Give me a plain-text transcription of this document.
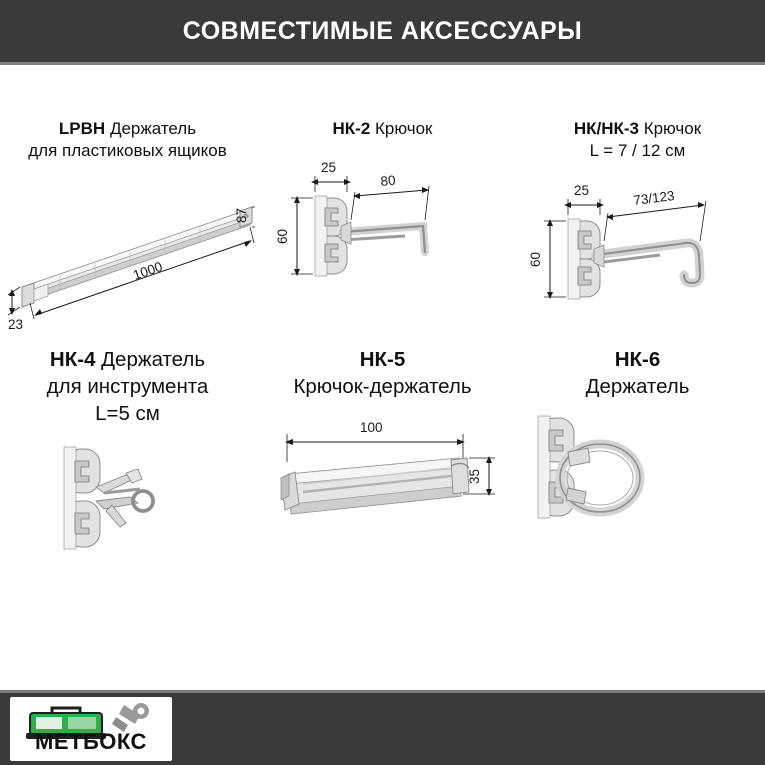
СОВМЕСТИМЫЕ АКСЕССУАРЫ
LPBH Держатель
для пластиковых ящиков
87
1000
23
НК-2 Крючок
25
80
60
НК/НК-3 Крючок
L = 7 / 12 см
25	73/123
60
НК-4 Держатель
для инструмента
L=5 см
НК-5
Крючок-держатель
100
35
НК-6
Держатель
МЕТБОКС
